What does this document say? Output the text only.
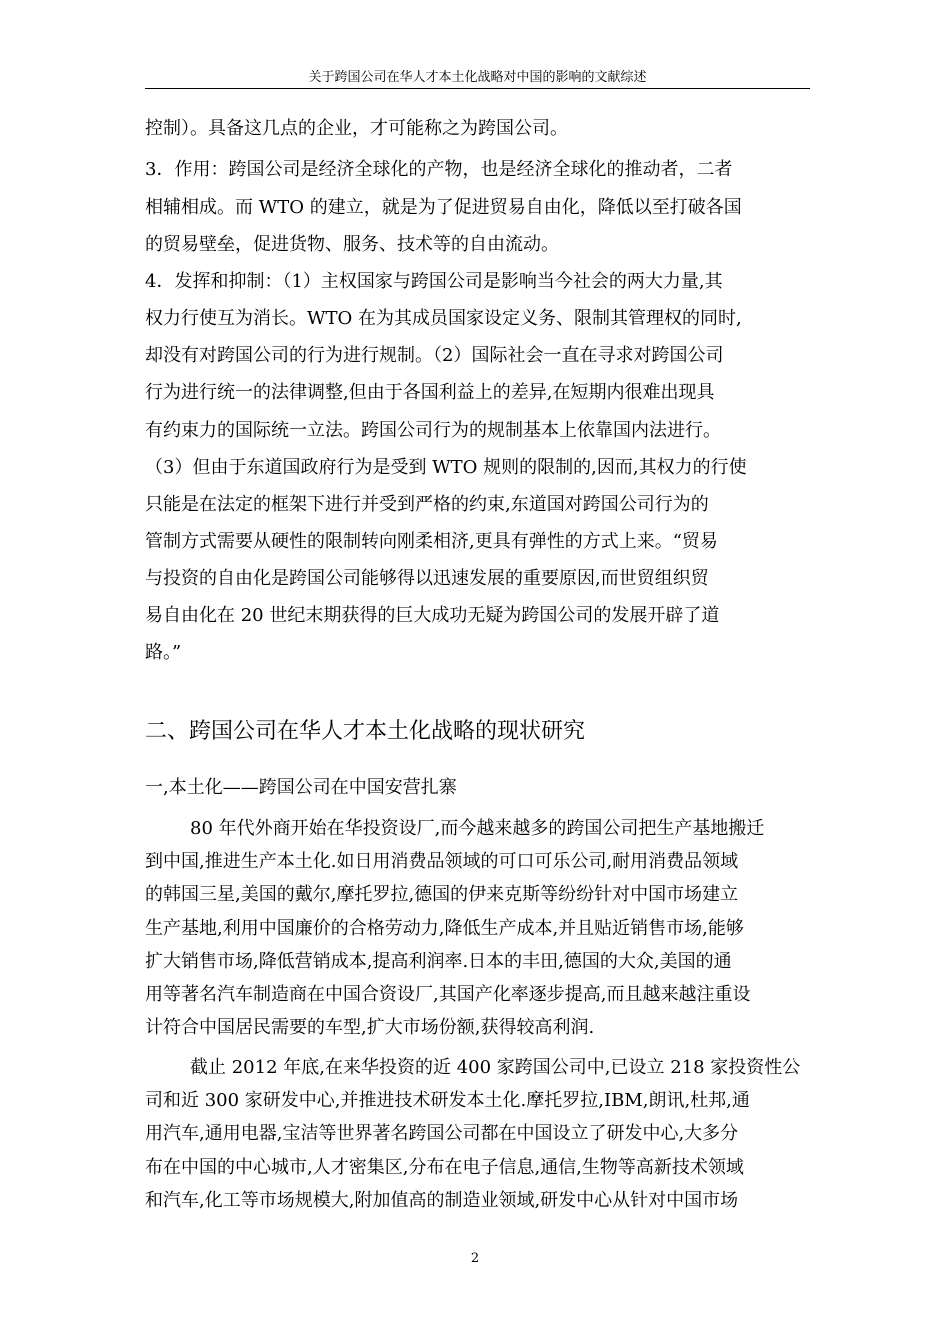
关于跨国公司在华人才本土化战略对中国的影响的文献综述
控制）。具备这几点的企业，才可能称之为跨国公司。
3．作用：跨国公司是经济全球化的产物，也是经济全球化的推动者，二者
相辅相成。而 WTO 的建立，就是为了促进贸易自由化，降低以至打破各国
的贸易壁垒，促进货物、服务、技术等的自由流动。
4．发挥和抑制：（1）主权国家与跨国公司是影响当今社会的两大力量,其
权力行使互为消长。WTO 在为其成员国家设定义务、限制其管理权的同时,
却没有对跨国公司的行为进行规制。（2）国际社会一直在寻求对跨国公司
行为进行统一的法律调整,但由于各国利益上的差异,在短期内很难出现具
有约束力的国际统一立法。跨国公司行为的规制基本上依靠国内法进行。
（3）但由于东道国政府行为是受到 WTO 规则的限制的,因而,其权力的行使
只能是在法定的框架下进行并受到严格的约束,东道国对跨国公司行为的
管制方式需要从硬性的限制转向刚柔相济,更具有弹性的方式上来。“贸易
与投资的自由化是跨国公司能够得以迅速发展的重要原因,而世贸组织贸
易自由化在 20 世纪末期获得的巨大成功无疑为跨国公司的发展开辟了道
路。”
二、跨国公司在华人才本土化战略的现状研究
一,本土化——跨国公司在中国安营扎寨
80 年代外商开始在华投资设厂,而今越来越多的跨国公司把生产基地搬迁
到中国,推进生产本土化.如日用消费品领域的可口可乐公司,耐用消费品领域
的韩国三星,美国的戴尔,摩托罗拉,德国的伊来克斯等纷纷针对中国市场建立
生产基地,利用中国廉价的合格劳动力,降低生产成本,并且贴近销售市场,能够
扩大销售市场,降低营销成本,提高利润率.日本的丰田,德国的大众,美国的通
用等著名汽车制造商在中国合资设厂,其国产化率逐步提高,而且越来越注重设
计符合中国居民需要的车型,扩大市场份额,获得较高利润.
截止 2012 年底,在来华投资的近 400 家跨国公司中,已设立 218 家投资性公
司和近 300 家研发中心,并推进技术研发本土化.摩托罗拉,IBM,朗讯,杜邦,通
用汽车,通用电器,宝洁等世界著名跨国公司都在中国设立了研发中心,大多分
布在中国的中心城市,人才密集区,分布在电子信息,通信,生物等高新技术领域
和汽车,化工等市场规模大,附加值高的制造业领域,研发中心从针对中国市场
2
